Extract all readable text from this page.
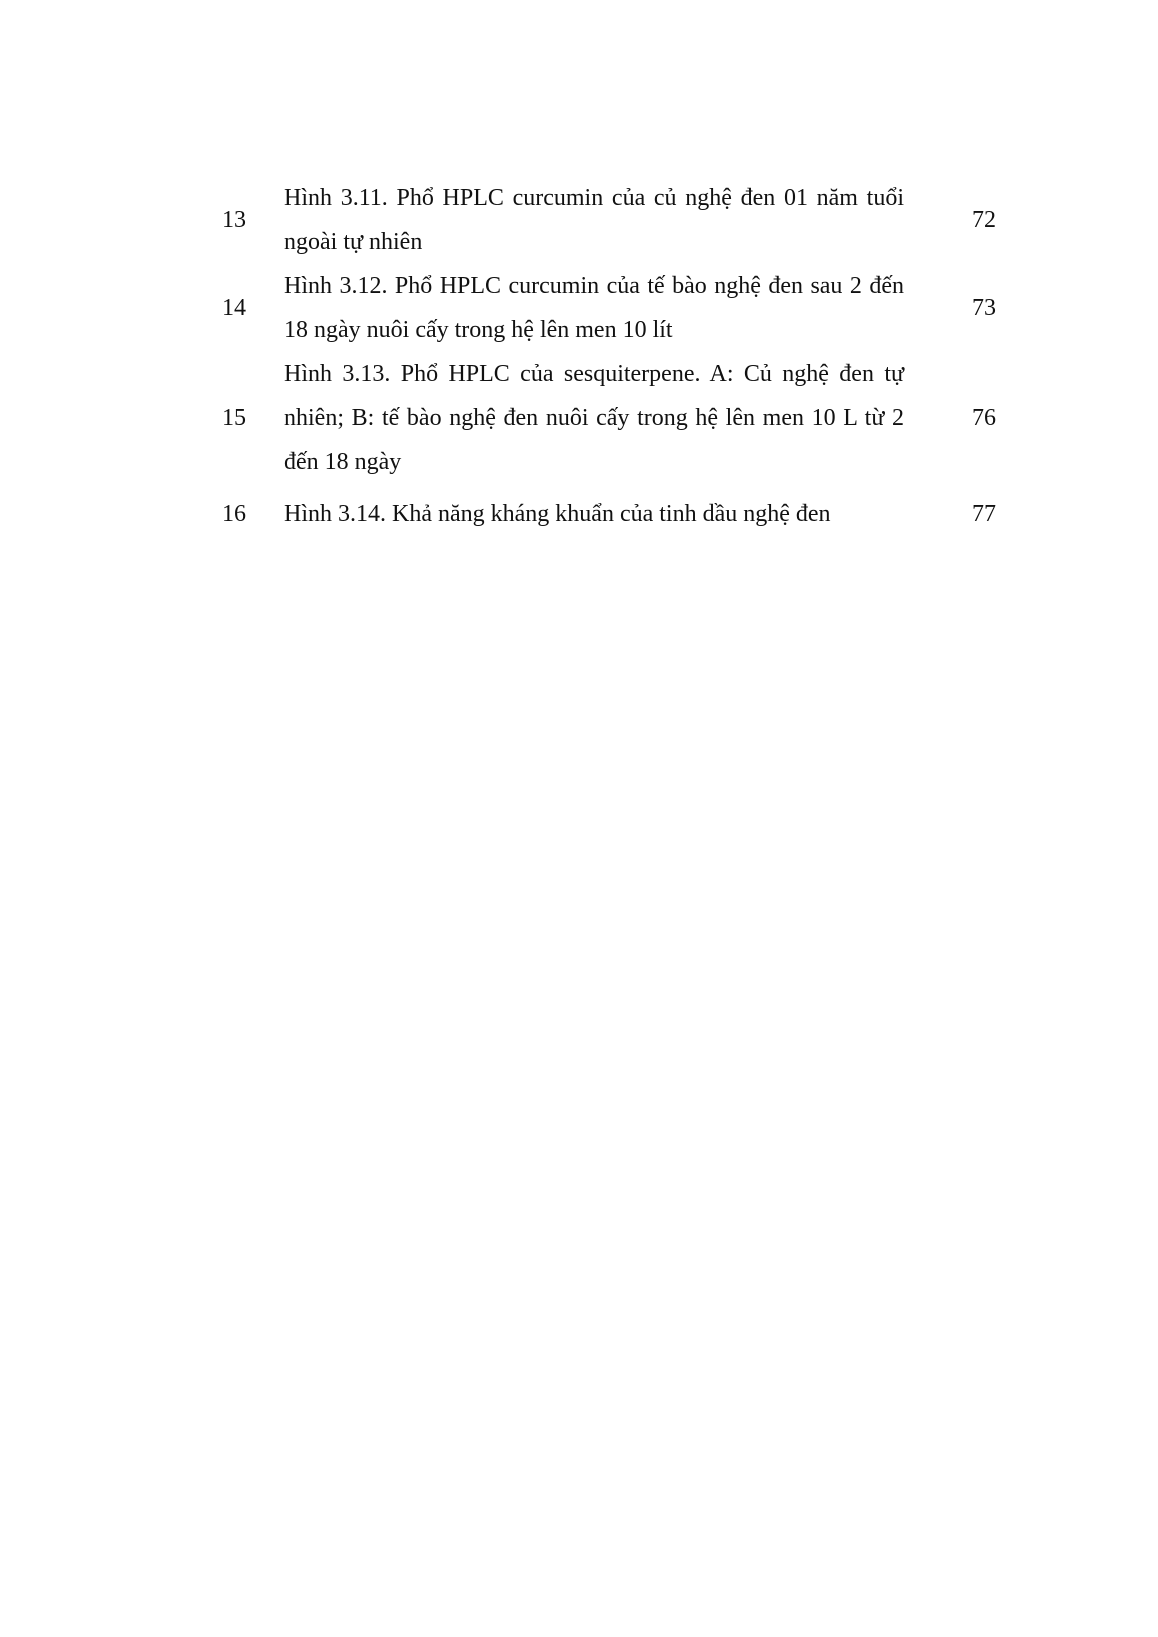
13
Hình 3.11. Phổ HPLC curcumin của củ nghệ đen 01 năm tuổi ngoài tự nhiên
72
14
Hình 3.12. Phổ HPLC curcumin của tế bào nghệ đen sau 2 đến 18 ngày nuôi cấy trong hệ lên men 10 lít
73
15
Hình 3.13. Phổ HPLC của sesquiterpene. A: Củ nghệ đen tự nhiên; B: tế bào nghệ đen nuôi cấy trong hệ lên men 10 L từ 2 đến 18 ngày
76
16	Hình 3.14. Khả năng kháng khuẩn của tinh dầu nghệ đen	77
